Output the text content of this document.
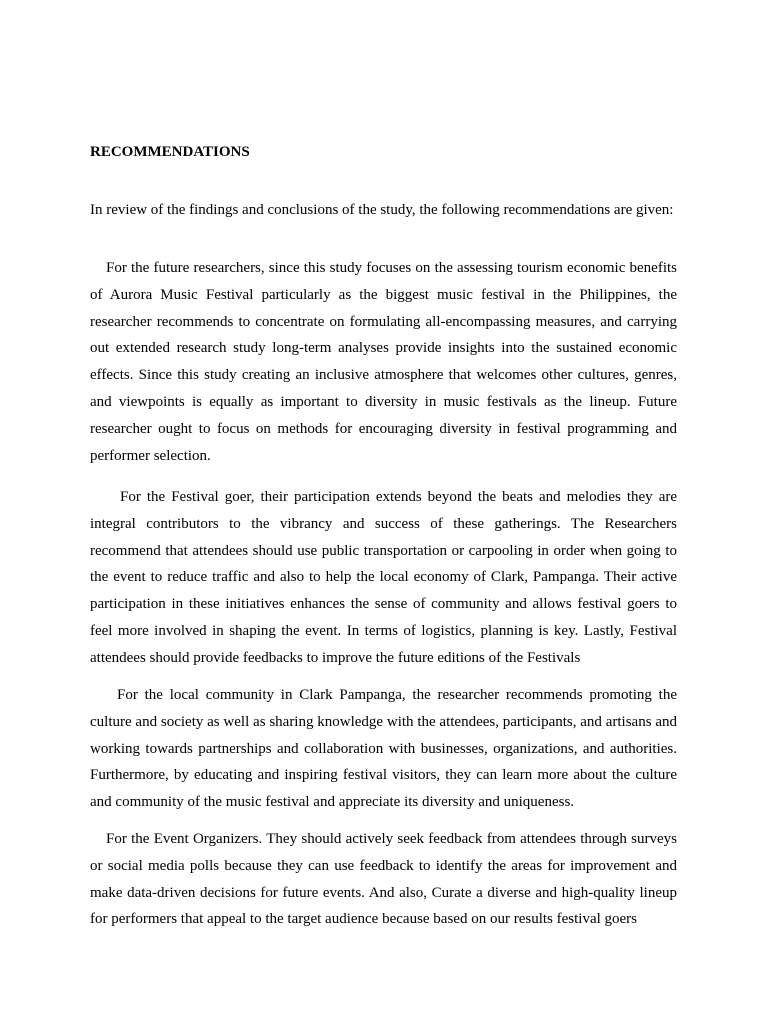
RECOMMENDATIONS
In review of the findings and conclusions of the study, the following recommendations are given:

For the future researchers, since this study focuses on the assessing tourism economic benefits of Aurora Music Festival particularly as the biggest music festival in the Philippines, the researcher recommends to concentrate on formulating all-encompassing measures, and carrying out extended research study long-term analyses provide insights into the sustained economic effects. Since this study creating an inclusive atmosphere that welcomes other cultures, genres, and viewpoints is equally as important to diversity in music festivals as the lineup. Future researcher ought to focus on methods for encouraging diversity in festival programming and performer selection.

For the Festival goer, their participation extends beyond the beats and melodies they are integral contributors to the vibrancy and success of these gatherings. The Researchers recommend that attendees should use public transportation or carpooling in order when going to the event to reduce traffic and also to help the local economy of Clark, Pampanga. Their active participation in these initiatives enhances the sense of community and allows festival goers to feel more involved in shaping the event. In terms of logistics, planning is key. Lastly, Festival attendees should provide feedbacks to improve the future editions of the Festivals

For the local community in Clark Pampanga, the researcher recommends promoting the culture and society as well as sharing knowledge with the attendees, participants, and artisans and working towards partnerships and collaboration with businesses, organizations, and authorities. Furthermore, by educating and inspiring festival visitors, they can learn more about the culture and community of the music festival and appreciate its diversity and uniqueness.

For the Event Organizers. They should actively seek feedback from attendees through surveys or social media polls because they can use feedback to identify the areas for improvement and make data-driven decisions for future events. And also, Curate a diverse and high-quality lineup for performers that appeal to the target audience because based on our results festival goers
